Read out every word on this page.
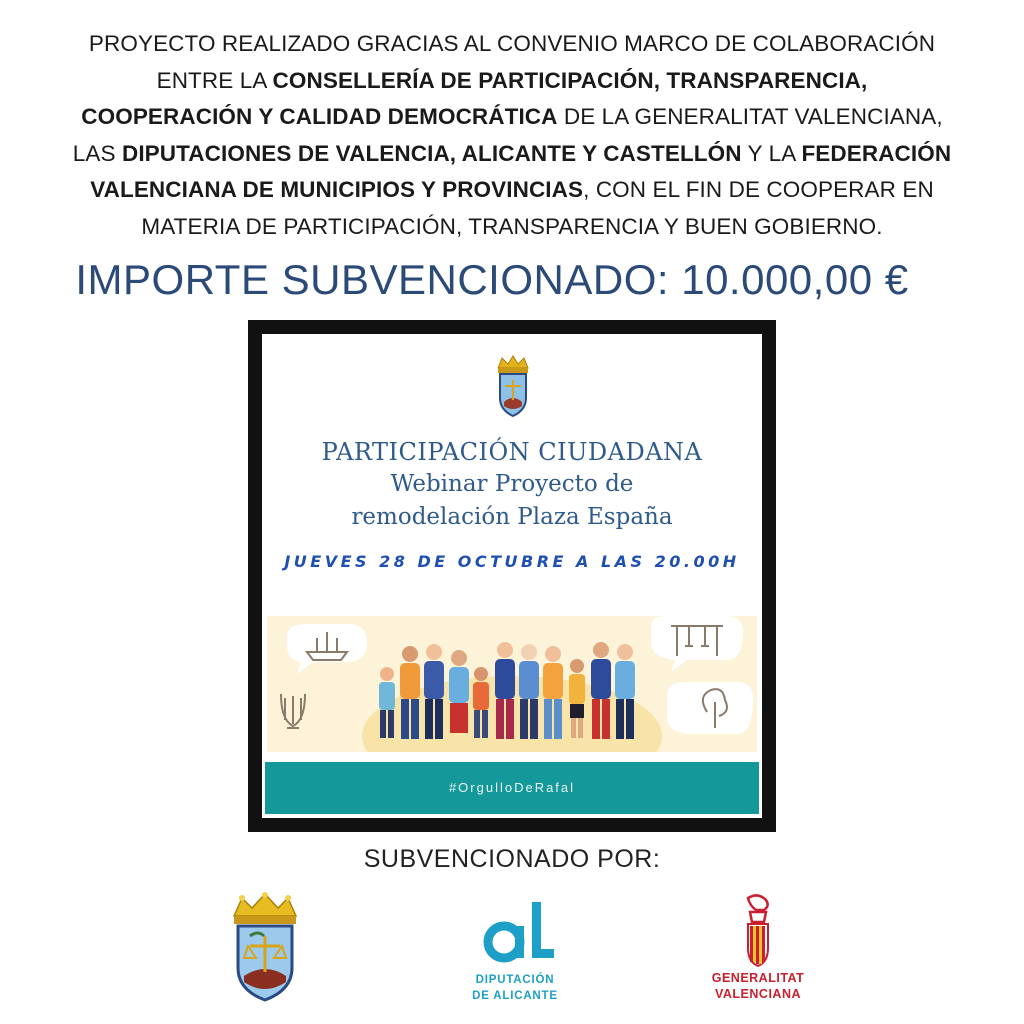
PROYECTO REALIZADO GRACIAS AL CONVENIO MARCO DE COLABORACIÓN
ENTRE LA CONSELLERÍA DE PARTICIPACIÓN, TRANSPARENCIA,
COOPERACIÓN Y CALIDAD DEMOCRÁTICA DE LA GENERALITAT VALENCIANA,
LAS DIPUTACIONES DE VALENCIA, ALICANTE Y CASTELLÓN Y LA FEDERACIÓN
VALENCIANA DE MUNICIPIOS Y PROVINCIAS, CON EL FIN DE COOPERAR EN
MATERIA DE PARTICIPACIÓN, TRANSPARENCIA Y BUEN GOBIERNO.
IMPORTE SUBVENCIONADO: 10.000,00 €
PARTICIPACIÓN CIUDADANA
Webinar Proyecto de
remodelación Plaza España
JUEVES 28 DE OCTUBRE A LAS 20.00H
#OrgulloDeRafal
SUBVENCIONADO POR:
DIPUTACIÓN
DE ALICANTE
GENERALITAT
VALENCIANA
